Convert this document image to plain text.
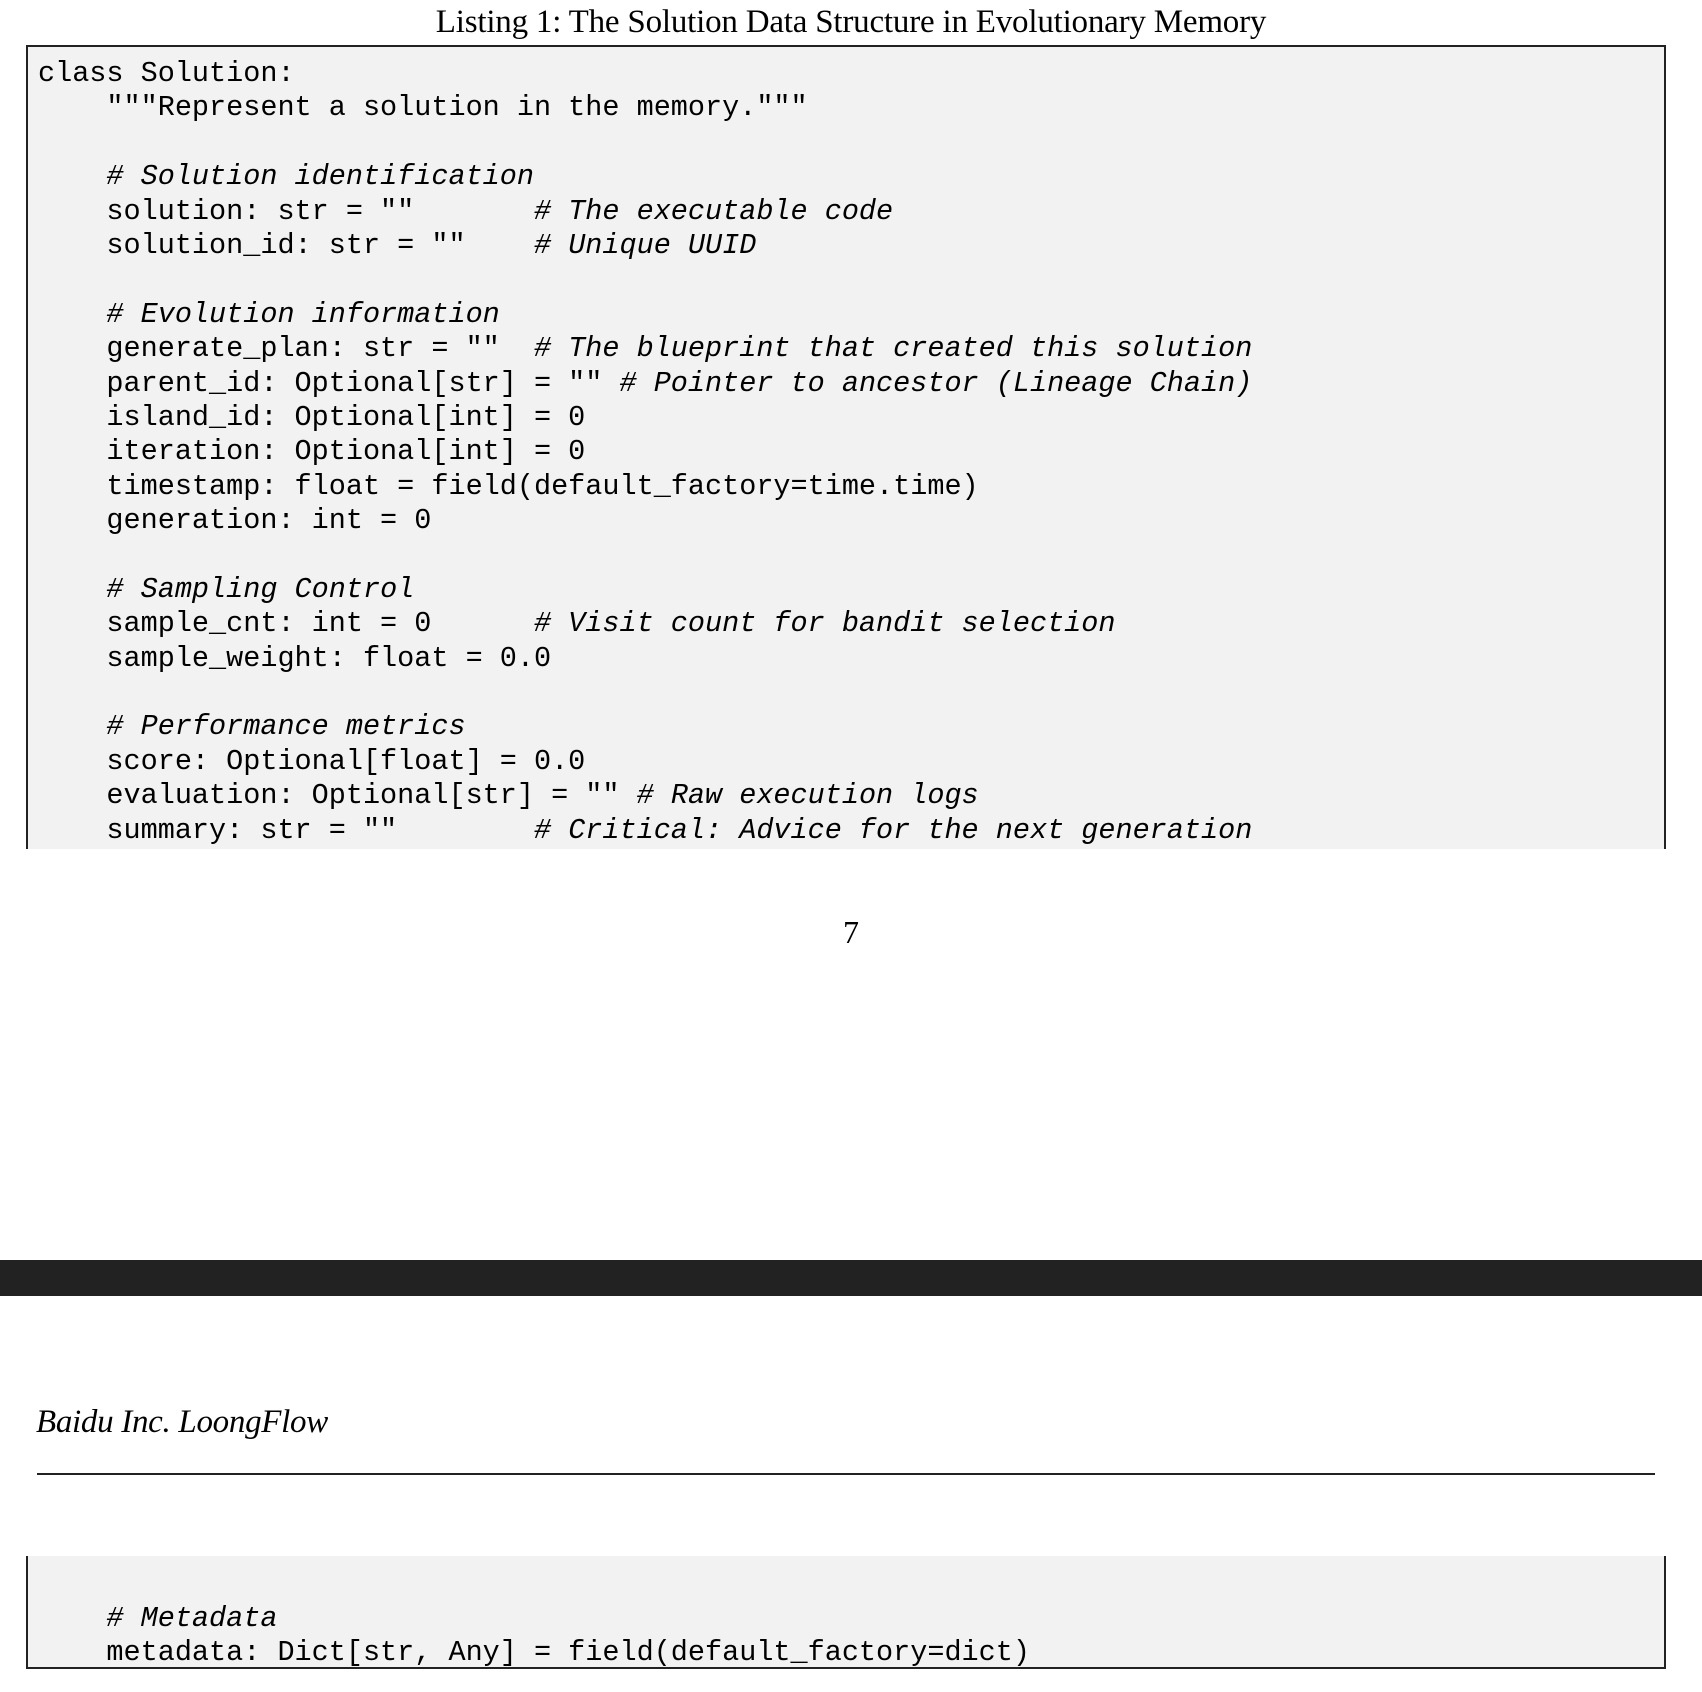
Listing 1: The Solution Data Structure in Evolutionary Memory
class Solution:
"""Represent a solution in the memory."""
# Solution identification
solution: str = ""       # The executable code
solution_id: str = ""    # Unique UUID
# Evolution information
generate_plan: str = ""  # The blueprint that created this solution
parent_id: Optional[str] = "" # Pointer to ancestor (Lineage Chain)
island_id: Optional[int] = 0
iteration: Optional[int] = 0
timestamp: float = field(default_factory=time.time)
generation: int = 0
# Sampling Control
sample_cnt: int = 0      # Visit count for bandit selection
sample_weight: float = 0.0
# Performance metrics
score: Optional[float] = 0.0
evaluation: Optional[str] = "" # Raw execution logs
summary: str = ""        # Critical: Advice for the next generation
7
Baidu Inc. LoongFlow
# Metadata
metadata: Dict[str, Any] = field(default_factory=dict)
